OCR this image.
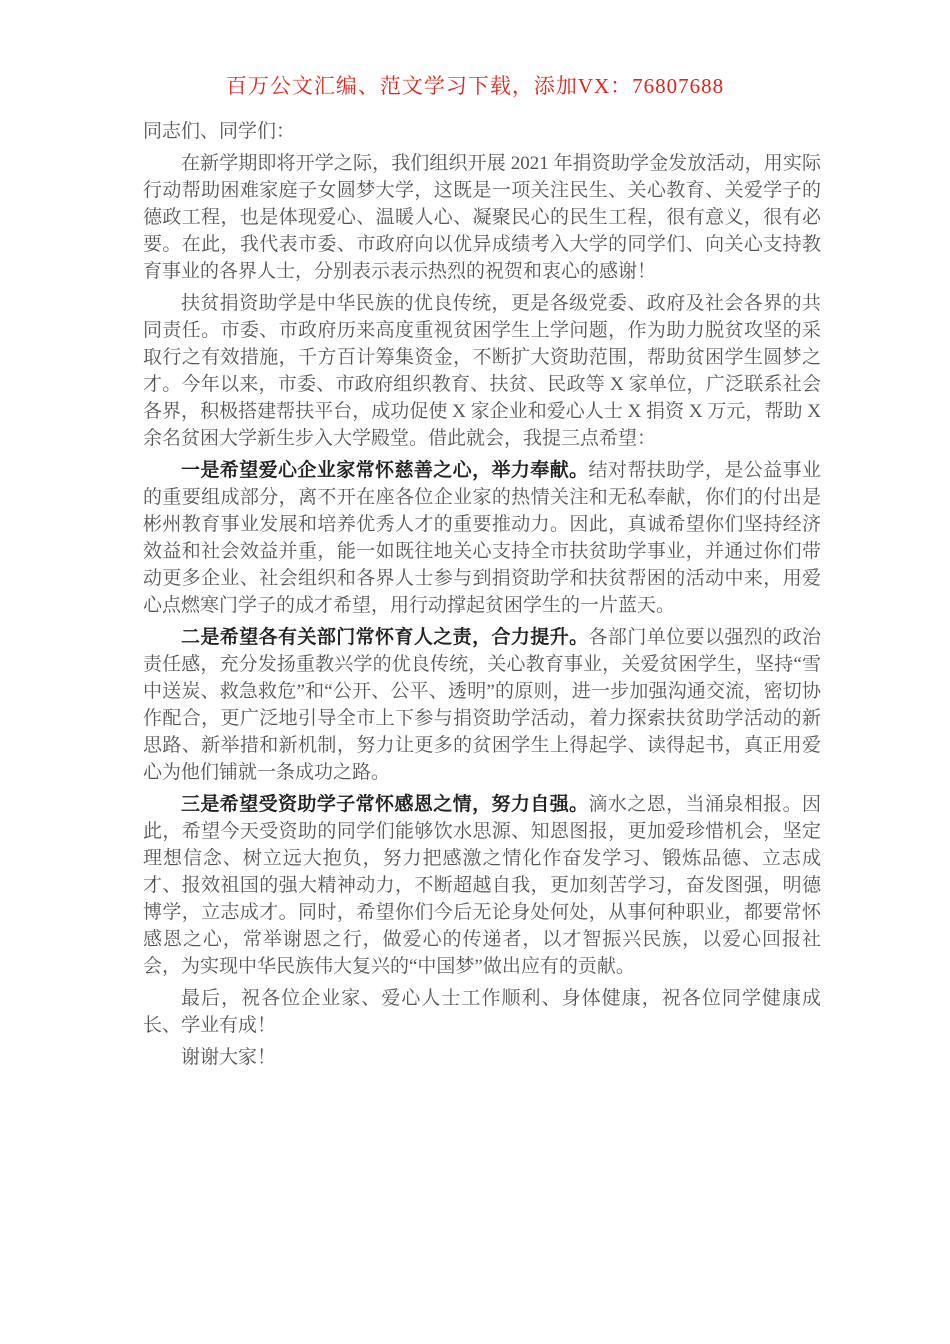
百万公文汇编、范文学习下载，添加VX：76807688

同志们、同学们：

在新学期即将开学之际，我们组织开展 2021 年捐资助学金发放活动，用实际行动帮助困难家庭子女圆梦大学，这既是一项关注民生、关心教育、关爱学子的德政工程，也是体现爱心、温暖人心、凝聚民心的民生工程，很有意义，很有必要。在此，我代表市委、市政府向以优异成绩考入大学的同学们、向关心支持教育事业的各界人士，分别表示表示热烈的祝贺和衷心的感谢！

扶贫捐资助学是中华民族的优良传统，更是各级党委、政府及社会各界的共同责任。市委、市政府历来高度重视贫困学生上学问题，作为助力脱贫攻坚的采取行之有效措施，千方百计筹集资金，不断扩大资助范围，帮助贫困学生圆梦之才。今年以来，市委、市政府组织教育、扶贫、民政等 X 家单位，广泛联系社会各界，积极搭建帮扶平台，成功促使 X 家企业和爱心人士 X 捐资 X 万元，帮助 X 余名贫困大学新生步入大学殿堂。借此就会，我提三点希望：

一是希望爱心企业家常怀慈善之心，举力奉献。结对帮扶助学，是公益事业的重要组成部分，离不开在座各位企业家的热情关注和无私奉献，你们的付出是彬州教育事业发展和培养优秀人才的重要推动力。因此，真诚希望你们坚持经济效益和社会效益并重，能一如既往地关心支持全市扶贫助学事业，并通过你们带动更多企业、社会组织和各界人士参与到捐资助学和扶贫帮困的活动中来，用爱心点燃寒门学子的成才希望，用行动撑起贫困学生的一片蓝天。

二是希望各有关部门常怀育人之责，合力提升。各部门单位要以强烈的政治责任感，充分发扬重教兴学的优良传统，关心教育事业，关爱贫困学生，坚持“雪中送炭、救急救危”和“公开、公平、透明”的原则，进一步加强沟通交流，密切协作配合，更广泛地引导全市上下参与捐资助学活动，着力探索扶贫助学活动的新思路、新举措和新机制，努力让更多的贫困学生上得起学、读得起书，真正用爱心为他们铺就一条成功之路。

三是希望受资助学子常怀感恩之情，努力自强。滴水之恩，当涌泉相报。因此，希望今天受资助的同学们能够饮水思源、知恩图报，更加爱珍惜机会，坚定理想信念、树立远大抱负，努力把感激之情化作奋发学习、锻炼品德、立志成才、报效祖国的强大精神动力，不断超越自我，更加刻苦学习，奋发图强，明德博学，立志成才。同时，希望你们今后无论身处何处，从事何种职业，都要常怀感恩之心，常举谢恩之行，做爱心的传递者，以才智振兴民族，以爱心回报社会，为实现中华民族伟大复兴的“中国梦”做出应有的贡献。

最后，祝各位企业家、爱心人士工作顺利、身体健康，祝各位同学健康成长、学业有成！

谢谢大家！
